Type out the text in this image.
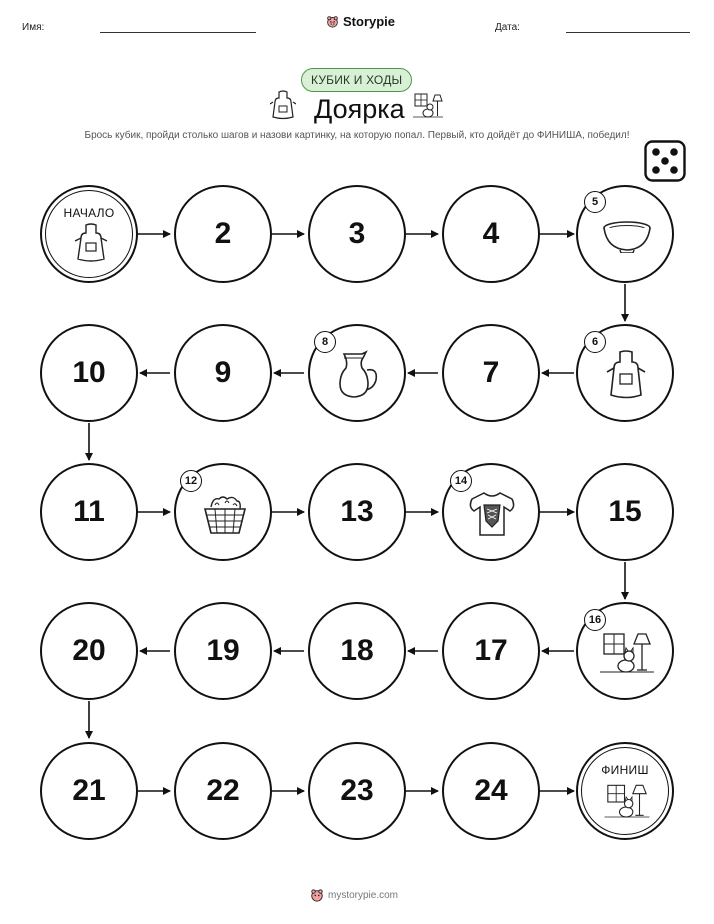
Имя:	Storypie	Дата:
КУБИК И ХОДЫ
Доярка
Брось кубик, пройди столько шагов и назови картинку, на которую попал. Первый, кто дойдёт до ФИНИША, победил!
НАЧАЛО
2	3	4
5
10	9
8
7
6
11
12
13
14
15
20	19	18	17
16
21	22	23	24
ФИНИШ
mystorypie.com
